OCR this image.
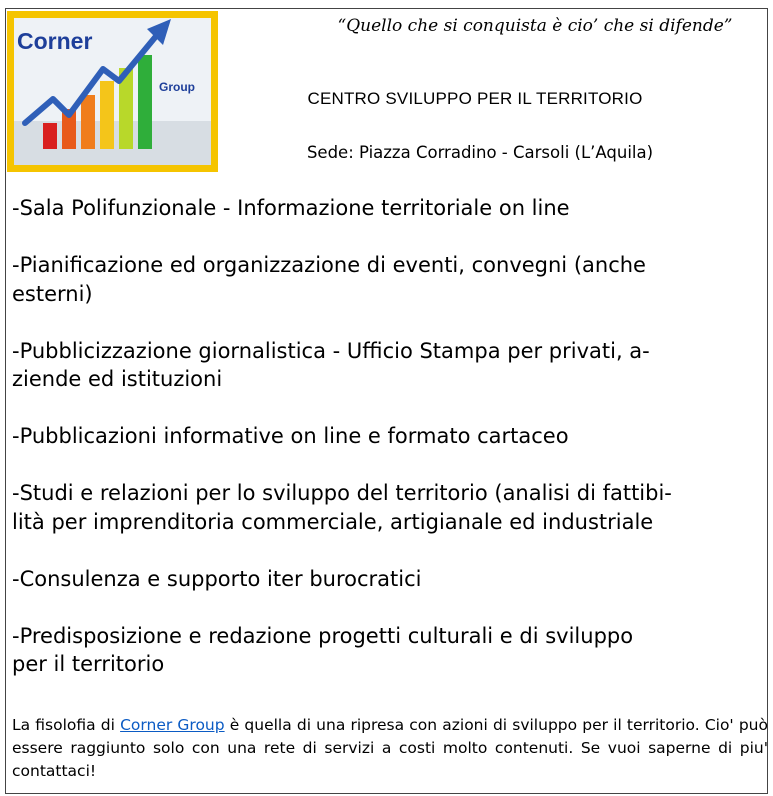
Corner
Group
“Quello che si conquista è cio’ che si difende”
CENTRO SVILUPPO PER IL TERRITORIO
Sede: Piazza Corradino - Carsoli (L’Aquila)
-Sala Polifunzionale - Informazione territoriale on line

-Pianificazione ed organizzazione di eventi, convegni (anche
esterni)

-Pubblicizzazione giornalistica - Ufficio Stampa per privati, a-
ziende ed istituzioni

-Pubblicazioni informative on line e formato cartaceo

-Studi e relazioni per lo sviluppo del territorio (analisi di fattibi-
lità per imprenditoria commerciale, artigianale ed industriale

-Consulenza e supporto iter burocratici

-Predisposizione e redazione progetti culturali e di sviluppo
per il territorio
La fisolofia di Corner Group è quella di una ripresa con azioni di sviluppo per il territorio. Cio' può essere raggiunto solo con una rete di servizi a costi molto contenuti. Se vuoi saperne di piu' contattaci!
